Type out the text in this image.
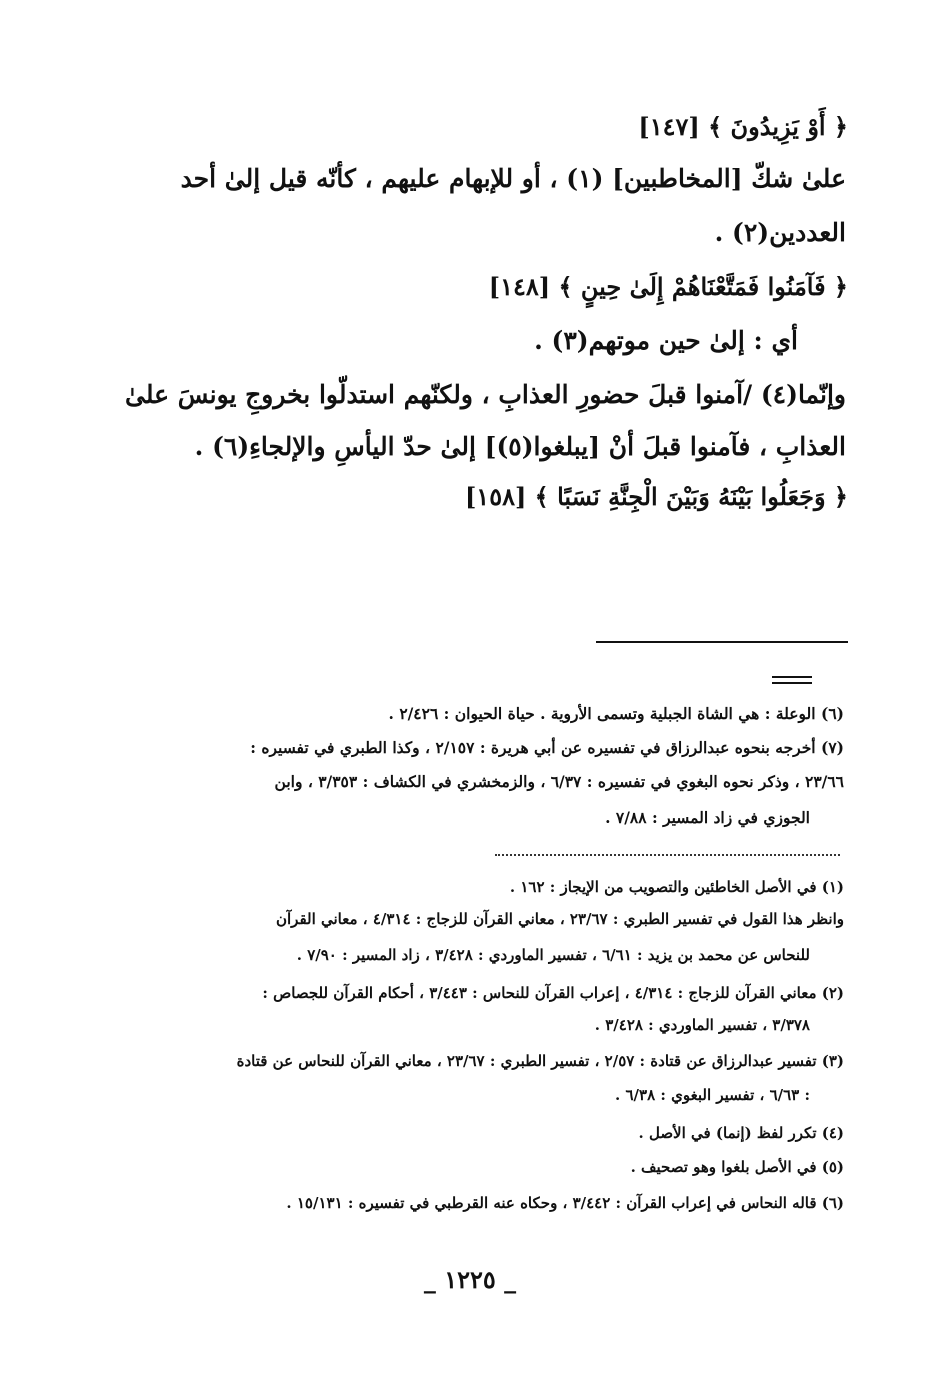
﴿ أَوْ يَزِيدُونَ ﴾ [١٤٧]
علىٰ شكّ [المخاطبين] (١) ، أو للإبهام عليهم ، كأنّه قيل إلىٰ أحد
العددين(٢) .
﴿ فَآمَنُوا فَمَتَّعْنَاهُمْ إِلَىٰ حِينٍ ﴾ [١٤٨]
أي : إلىٰ حين موتهم(٣) .
وإنّما(٤) /آمنوا قبلَ حضورِ العذابِ ، ولكنّهم استدلّوا بخروجِ يونسَ علىٰ
العذابِ ، فآمنوا قبلَ أنْ [يبلغوا(٥)] إلىٰ حدّ اليأسِ والإلجاءِ(٦) .
﴿ وَجَعَلُوا بَيْنَهُ وَبَيْنَ الْجِنَّةِ نَسَبًا ﴾ [١٥٨]
(٦) الوعلة : هي الشاة الجبلية وتسمى الأروية . حياة الحيوان : ٢/٤٢٦ .
(٧) أخرجه بنحوه عبدالرزاق في تفسيره عن أبي هريرة : ٢/١٥٧ ، وكذا الطبري في تفسيره :
٢٣/٦٦ ، وذكر نحوه البغوي في تفسيره : ٦/٣٧ ، والزمخشري في الكشاف : ٣/٣٥٣ ، وابن
الجوزي في زاد المسير : ٧/٨٨ .
(١) في الأصل الخاطئين والتصويب من الإيجاز : ١٦٢ .
وانظر هذا القول في تفسير الطبري : ٢٣/٦٧ ، معاني القرآن للزجاج : ٤/٣١٤ ، معاني القرآن
للنحاس عن محمد بن يزيد : ٦/٦١ ، تفسير الماوردي : ٣/٤٢٨ ، زاد المسير : ٧/٩٠ .
(٢) معاني القرآن للزجاج : ٤/٣١٤ ، إعراب القرآن للنحاس : ٣/٤٤٣ ، أحكام القرآن للجصاص :
٣/٣٧٨ ، تفسير الماوردي : ٣/٤٢٨ .
(٣) تفسير عبدالرزاق عن قتادة : ٢/٥٧ ، تفسير الطبري : ٢٣/٦٧ ، معاني القرآن للنحاس عن قتادة
: ٦/٦٣ ، تفسير البغوي : ٦/٣٨ .
(٤) تكرر لفظ (إنما) في الأصل .
(٥) في الأصل بلغوا وهو تصحيف .
(٦) قاله النحاس في إعراب القرآن : ٣/٤٤٢ ، وحكاه عنه القرطبي في تفسيره : ١٥/١٣١ .
_ ١٢٢٥ _
